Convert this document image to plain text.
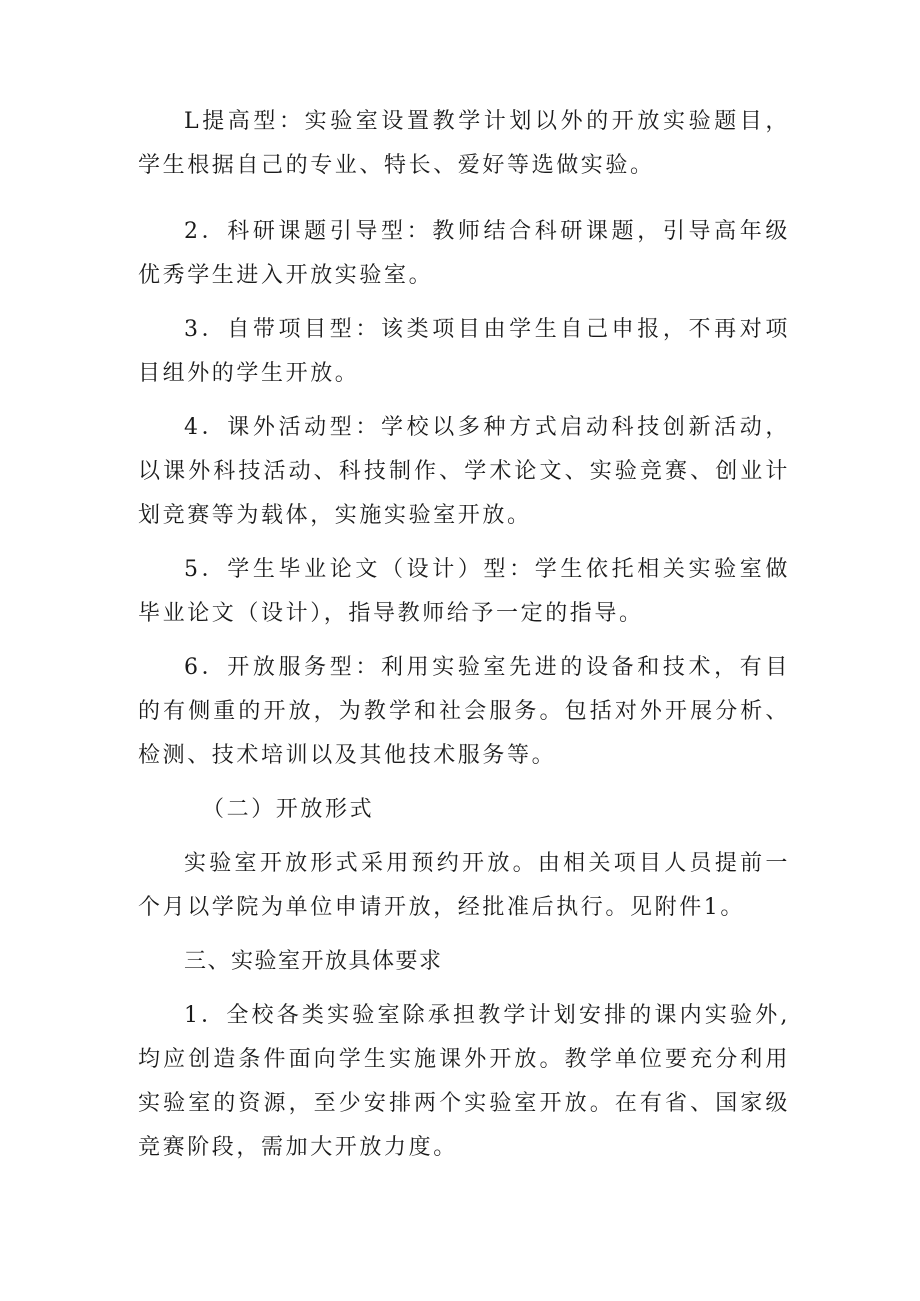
L提高型：实验室设置教学计划以外的开放实验题目，学生根据自己的专业、特长、爱好等选做实验。

2．科研课题引导型：教师结合科研课题，引导高年级优秀学生进入开放实验室。

3．自带项目型：该类项目由学生自己申报，不再对项目组外的学生开放。

4．课外活动型：学校以多种方式启动科技创新活动，以课外科技活动、科技制作、学术论文、实验竞赛、创业计划竞赛等为载体，实施实验室开放。

5．学生毕业论文（设计）型：学生依托相关实验室做毕业论文（设计），指导教师给予一定的指导。

6．开放服务型：利用实验室先进的设备和技术，有目的有侧重的开放，为教学和社会服务。包括对外开展分析、检测、技术培训以及其他技术服务等。

（二）开放形式

实验室开放形式采用预约开放。由相关项目人员提前一个月以学院为单位申请开放，经批准后执行。见附件1。

三、实验室开放具体要求

1．全校各类实验室除承担教学计划安排的课内实验外,均应创造条件面向学生实施课外开放。教学单位要充分利用实验室的资源，至少安排两个实验室开放。在有省、国家级竞赛阶段，需加大开放力度。
